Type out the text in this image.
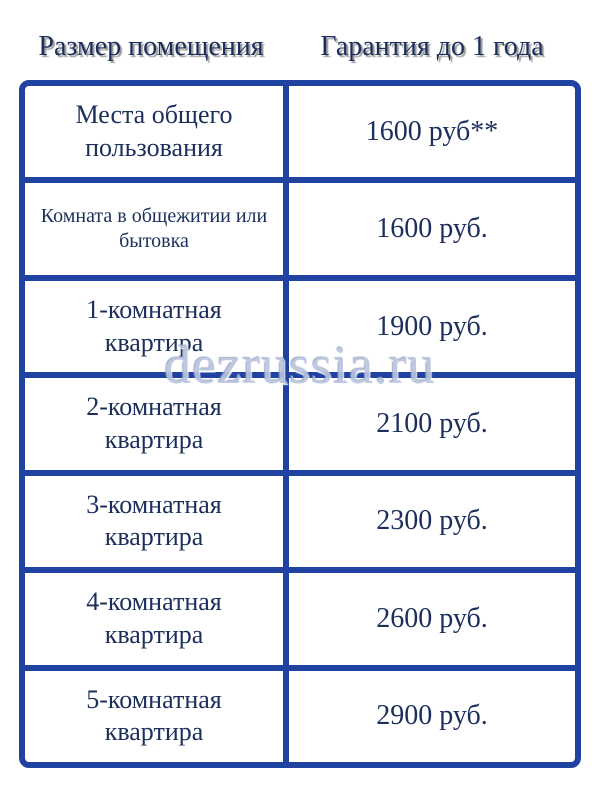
Размер помещения	Гарантия до 1 года
Места общего пользования
1600 руб**
Комната в общежитии или бытовка	1600 руб.
1-комнатная квартира
1900 руб.
2-комнатная квартира
2100 руб.
3-комнатная квартира
2300 руб.
4-комнатная квартира
2600 руб.
5-комнатная квартира
2900 руб.
dezrussia.ru
